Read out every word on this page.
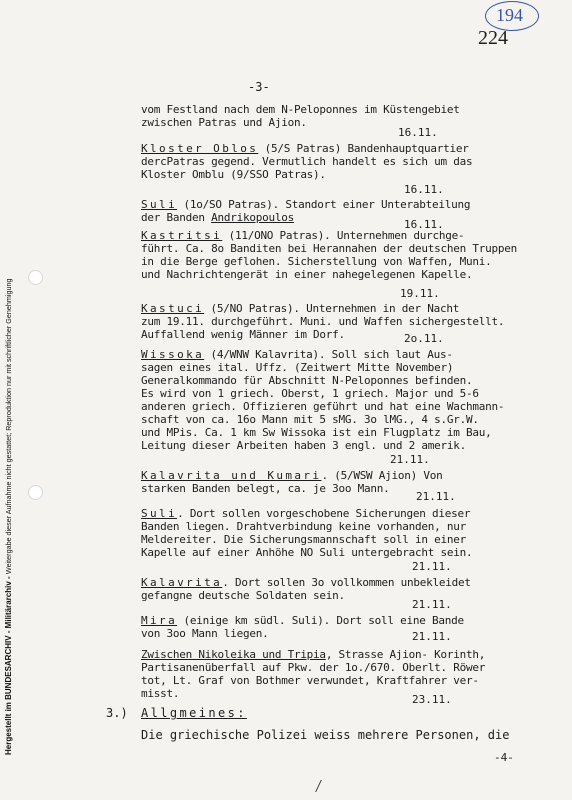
Hergestellt im BUNDESARCHIV - Militärarchiv - Weitergabe dieser Aufnahme nicht gestattet; Reproduktion nur mit schriftlicher Genehmigung
194
224
-3-
vom Festland nach dem N-Peloponnes im Küstengebiet
zwischen Patras und Ajion.
16.11.
Kloster Oblos (5/S Patras) Bandenhauptquartier
dercPatras gegend. Vermutlich handelt es sich um das
Kloster Omblu (9/SSO Patras).
16.11.
Suli (1o/SO Patras). Standort einer Unterabteilung
der Banden Andrikopoulos
16.11.
Kastritsi (11/ONO Patras). Unternehmen durchge-
führt. Ca. 8o Banditen bei Herannahen der deutschen Truppen
in die Berge geflohen. Sicherstellung von Waffen, Muni.
und Nachrichtengerät in einer nahegelegenen Kapelle.
19.11.
Kastuci (5/NO Patras). Unternehmen in der Nacht
zum 19.11. durchgeführt. Muni. und Waffen sichergestellt.
Auffallend wenig Männer im Dorf.	2o.11.
Wissoka (4/WNW Kalavrita). Soll sich laut Aus-
sagen eines ital. Uffz. (Zeitwert Mitte November)
Generalkommando für Abschnitt N-Peloponnes befinden.
Es wird von 1 griech. Oberst, 1 griech. Major und 5-6
anderen griech. Offizieren geführt und hat eine Wachmann-
schaft von ca. 16o Mann mit 5 sMG. 3o lMG., 4 s.Gr.W.
und MPis. Ca. 1 km Sw Wissoka ist ein Flugplatz im Bau,
Leitung dieser Arbeiten haben 3 engl. und 2 amerik.
21.11.
Kalavrita und Kumari. (5/WSW Ajion) Von
starken Banden belegt, ca. je 3oo Mann.
21.11.
Suli. Dort sollen vorgeschobene Sicherungen dieser
Banden liegen. Drahtverbindung keine vorhanden, nur
Meldereiter. Die Sicherungsmannschaft soll in einer
Kapelle auf einer Anhöhe NO Suli untergebracht sein.
21.11.
Kalavrita. Dort sollen 3o vollkommen unbekleidet
gefangne deutsche Soldaten sein.
21.11.
Mira (einige km südl. Suli). Dort soll eine Bande
von 3oo Mann liegen.	21.11.
Zwischen Nikoleika und Tripia, Strasse Ajion- Korinth,
Partisanenüberfall auf Pkw. der 1o./670. Oberlt. Röwer
tot, Lt. Graf von Bothmer verwundet, Kraftfahrer ver-
misst.	23.11.
3.) Allgmeines:
Die griechische Polizei weiss mehrere Personen, die
-4-
